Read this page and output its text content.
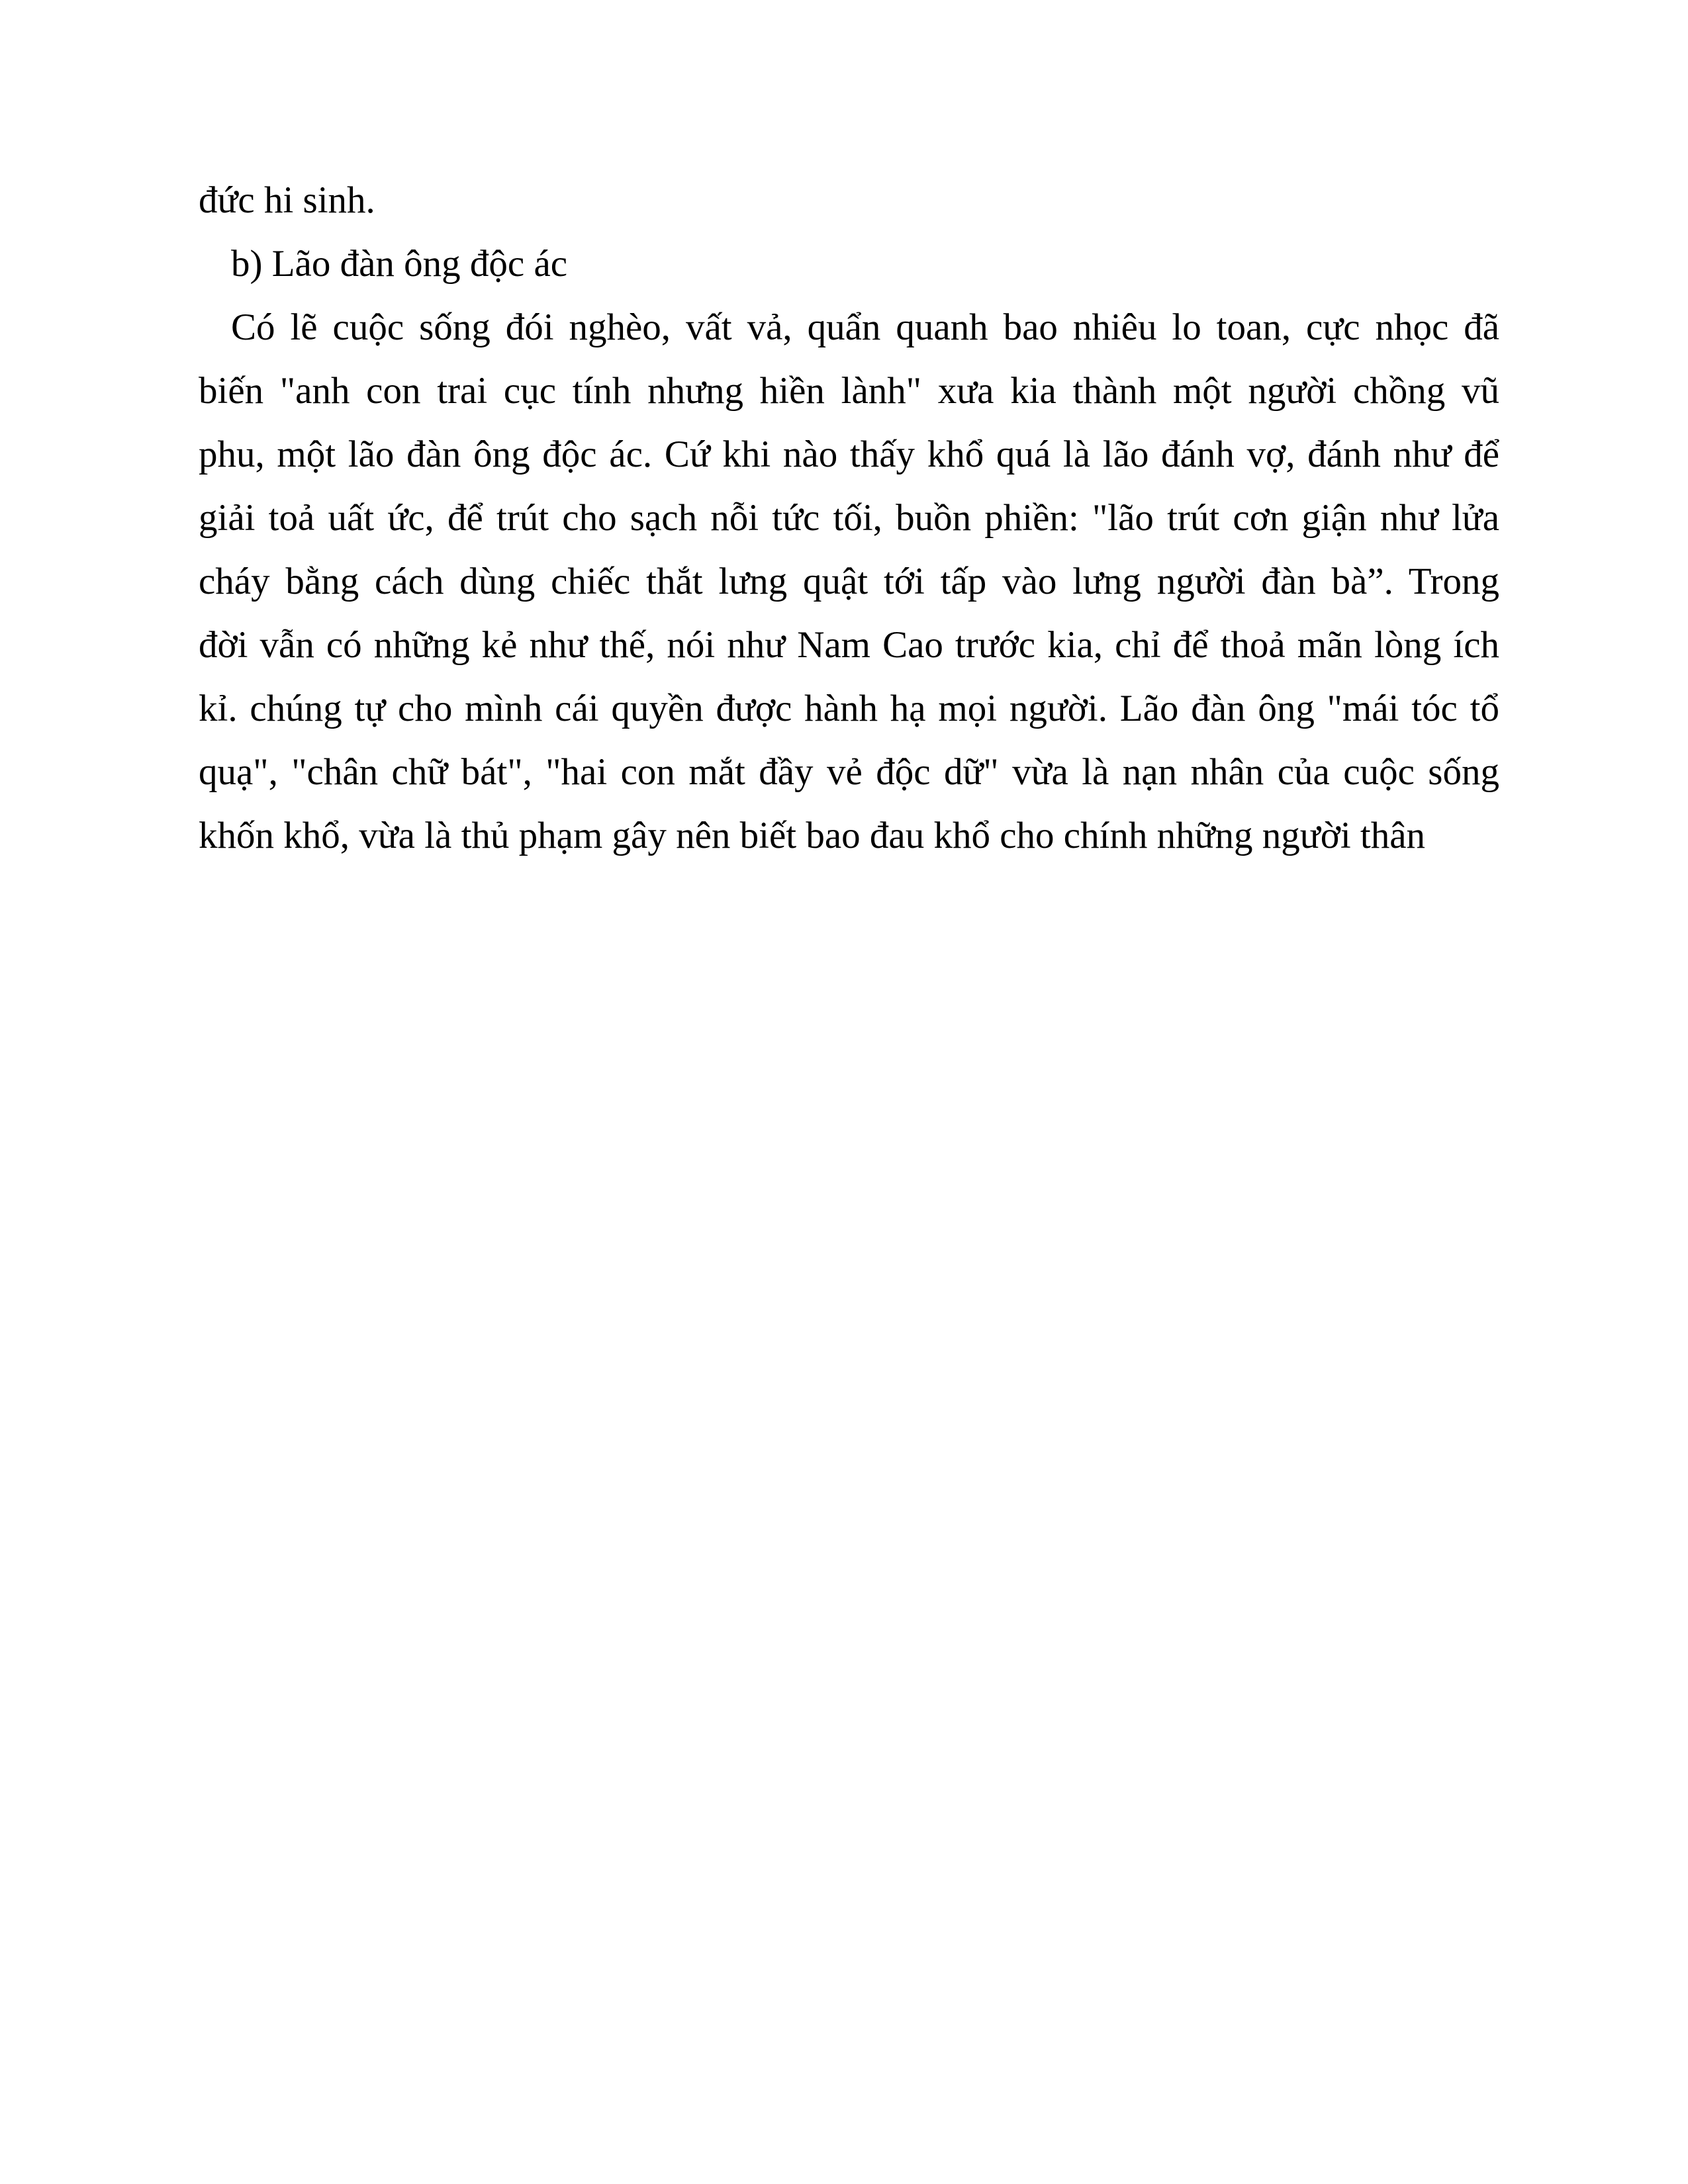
đức hi sinh.
b) Lão đàn ông độc ác
Có lẽ cuộc sống đói nghèo, vất vả, quẩn quanh bao nhiêu lo toan, cực nhọc đã
biến "anh con trai cục tính nhưng hiền lành" xưa kia thành một người chồng vũ
phu, một lão đàn ông độc ác. Cứ khi nào thấy khổ quá là lão đánh vợ, đánh như để
giải toả uất ức, để trút cho sạch nỗi tức tối, buồn phiền: "lão trút cơn giận như lửa
cháy bằng cách dùng chiếc thắt lưng quật tới tấp vào lưng người đàn bà”. Trong
đời vẫn có những kẻ như thế, nói như Nam Cao trước kia, chỉ để thoả mãn lòng ích
kỉ. chúng tự cho mình cái quyền được hành hạ mọi người. Lão đàn ông "mái tóc tổ
quạ", "chân chữ bát", "hai con mắt đầy vẻ độc dữ" vừa là nạn nhân của cuộc sống
khốn khổ, vừa là thủ phạm gây nên biết bao đau khổ cho chính những người thân
